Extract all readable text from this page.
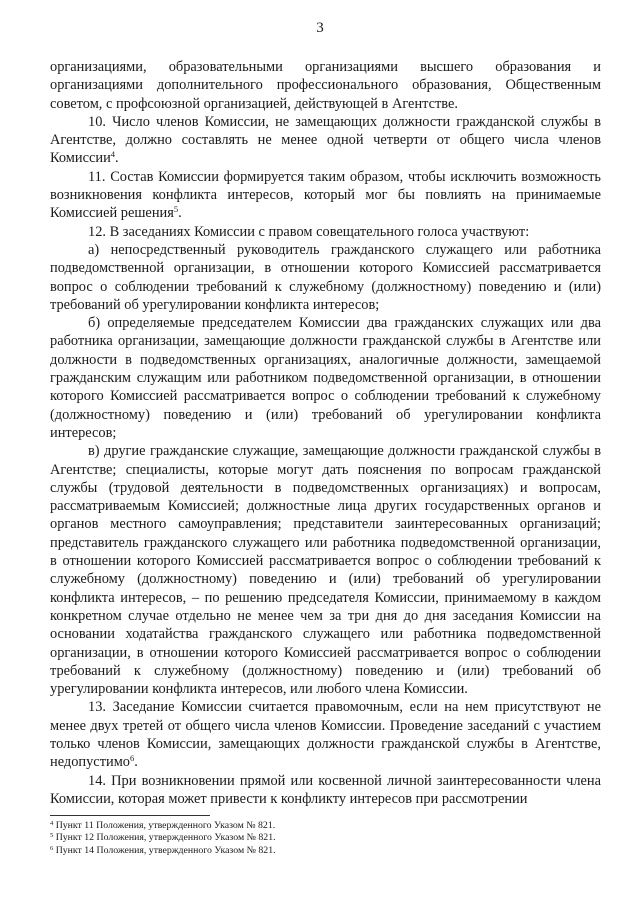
3

организациями, образовательными организациями высшего образования и организациями дополнительного профессионального образования, Общественным советом, с профсоюзной организацией, действующей в Агентстве.

10. Число членов Комиссии, не замещающих должности гражданской службы в Агентстве, должно составлять не менее одной четверти от общего числа членов Комиссии$^4$.

11. Состав Комиссии формируется таким образом, чтобы исключить возможность возникновения конфликта интересов, который мог бы повлиять на принимаемые Комиссией решения$^5$.

12. В заседаниях Комиссии с правом совещательного голоса участвуют:

а) непосредственный руководитель гражданского служащего или работника подведомственной организации, в отношении которого Комиссией рассматривается вопрос о соблюдении требований к служебному (должностному) поведению и (или) требований об урегулировании конфликта интересов;

б) определяемые председателем Комиссии два гражданских служащих или два работника организации, замещающие должности гражданской службы в Агентстве или должности в подведомственных организациях, аналогичные должности, замещаемой гражданским служащим или работником подведомственной организации, в отношении которого Комиссией рассматривается вопрос о соблюдении требований к служебному (должностному) поведению и (или) требований об урегулировании конфликта интересов;

в) другие гражданские служащие, замещающие должности гражданской службы в Агентстве; специалисты, которые могут дать пояснения по вопросам гражданской службы (трудовой деятельности в подведомственных организациях) и вопросам, рассматриваемым Комиссией; должностные лица других государственных органов и органов местного самоуправления; представители заинтересованных организаций; представитель гражданского служащего или работника подведомственной организации, в отношении которого Комиссией рассматривается вопрос о соблюдении требований к служебному (должностному) поведению и (или) требований об урегулировании конфликта интересов, – по решению председателя Комиссии, принимаемому в каждом конкретном случае отдельно не менее чем за три дня до дня заседания Комиссии на основании ходатайства гражданского служащего или работника подведомственной организации, в отношении которого Комиссией рассматривается вопрос о соблюдении требований к служебному (должностному) поведению и (или) требований об урегулировании конфликта интересов, или любого члена Комиссии.

13. Заседание Комиссии считается правомочным, если на нем присутствуют не менее двух третей от общего числа членов Комиссии. Проведение заседаний с участием только членов Комиссии, замещающих должности гражданской службы в Агентстве, недопустимо$^6$.

14. При возникновении прямой или косвенной личной заинтересованности члена Комиссии, которая может привести к конфликту интересов при рассмотрении

$^4$ Пункт 11 Положения, утвержденного Указом № 821.
$^5$ Пункт 12 Положения, утвержденного Указом № 821.
$^6$ Пункт 14 Положения, утвержденного Указом № 821.
